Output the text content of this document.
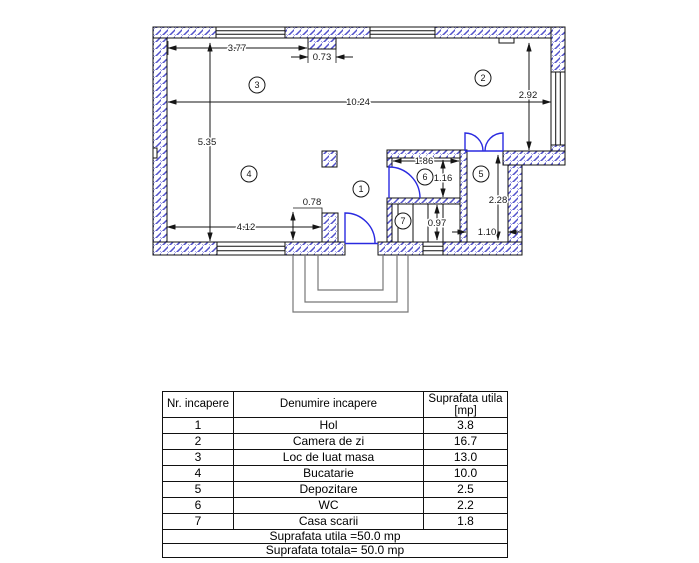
3.77
0.73
10.24
5.35
2.92
4.12
0.78
1.86
1.16
2.28
1.10
0.97
1
2
3
4	5
6
7
Nr. incapere	Denumire incapere	Suprafata utila
[mp]

1	Hol	3.8
2	Camera de zi	16.7
3	Loc de luat masa	13.0
4	Bucatarie	10.0
5	Depozitare	2.5
6	WC	2.2
7	Casa scarii	1.8
Suprafata utila =50.0 mp		
Suprafata totala= 50.0 mp		
